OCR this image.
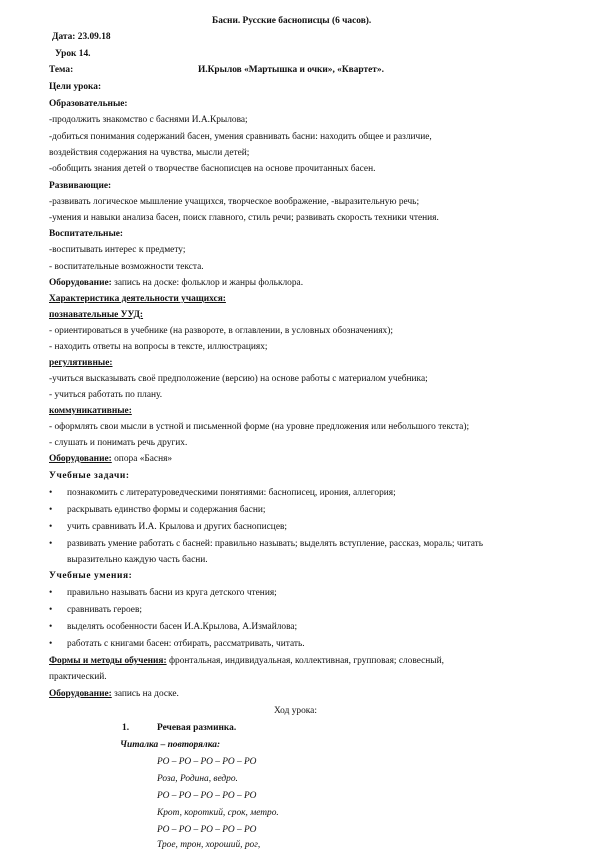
Басни. Русские баснописцы (6 часов).
Дата: 23.09.18
Урок 14.
Тема:	И.Крылов «Мартышка и очки», «Квартет».
Цели урока:
Образовательные:
-продолжить знакомство с баснями И.А.Крылова;
-добиться понимания содержаний басен, умения сравнивать басни: находить общее и различие,
воздействия содержания на чувства, мысли детей;
-обобщить знания детей о творчестве баснописцев на основе прочитанных басен.
Развивающие:
-развивать логическое мышление учащихся, творческое воображение, -выразительную речь;
-умения и навыки анализа басен, поиск главного, стиль речи; развивать скорость техники чтения.
Воспитательные:
-воспитывать интерес к предмету;
- воспитательные возможности текста.
Оборудование: запись на доске: фольклор и жанры фольклора.
Характеристика деятельности учащихся:
познавательные УУД:
- ориентироваться в учебнике (на развороте, в оглавлении, в условных обозначениях);
- находить ответы на вопросы в тексте, иллюстрациях;
регулятивные:
-учиться высказывать своё предположение (версию) на основе работы с материалом учебника;
- учиться работать по плану.
коммуникативные:
- оформлять свои мысли в устной и письменной форме (на уровне предложения или небольшого текста);
- слушать и понимать речь других.
Оборудование: опора «Басня»
Учебные задачи:
• познакомить с литературоведческими понятиями: баснописец, ирония, аллегория;
• раскрывать единство формы и содержания басни;
• учить сравнивать И.А. Крылова и других баснописцев;
• развивать умение работать с басней: правильно называть; выделять вступление, рассказ, мораль; читать
выразительно каждую часть басни.
Учебные умения:
• правильно называть басни из круга детского чтения;
• сравнивать героев;
• выделять особенности басен И.А.Крылова, А.Измайлова;
• работать с книгами басен: отбирать, рассматривать, читать.
Формы и методы обучения: фронтальная, индивидуальная, коллективная, групповая; словесный,
практический.
Оборудование: запись на доске.
Ход урока:
1.	Речевая разминка.
Читалка – повторялка:
РО – РО – РО – РО – РО
Роза, Родина, ведро.
РО – РО – РО – РО – РО
Крот, короткий, срок, метро.
РО – РО – РО – РО – РО
Трое, трон, хороший, рог,
